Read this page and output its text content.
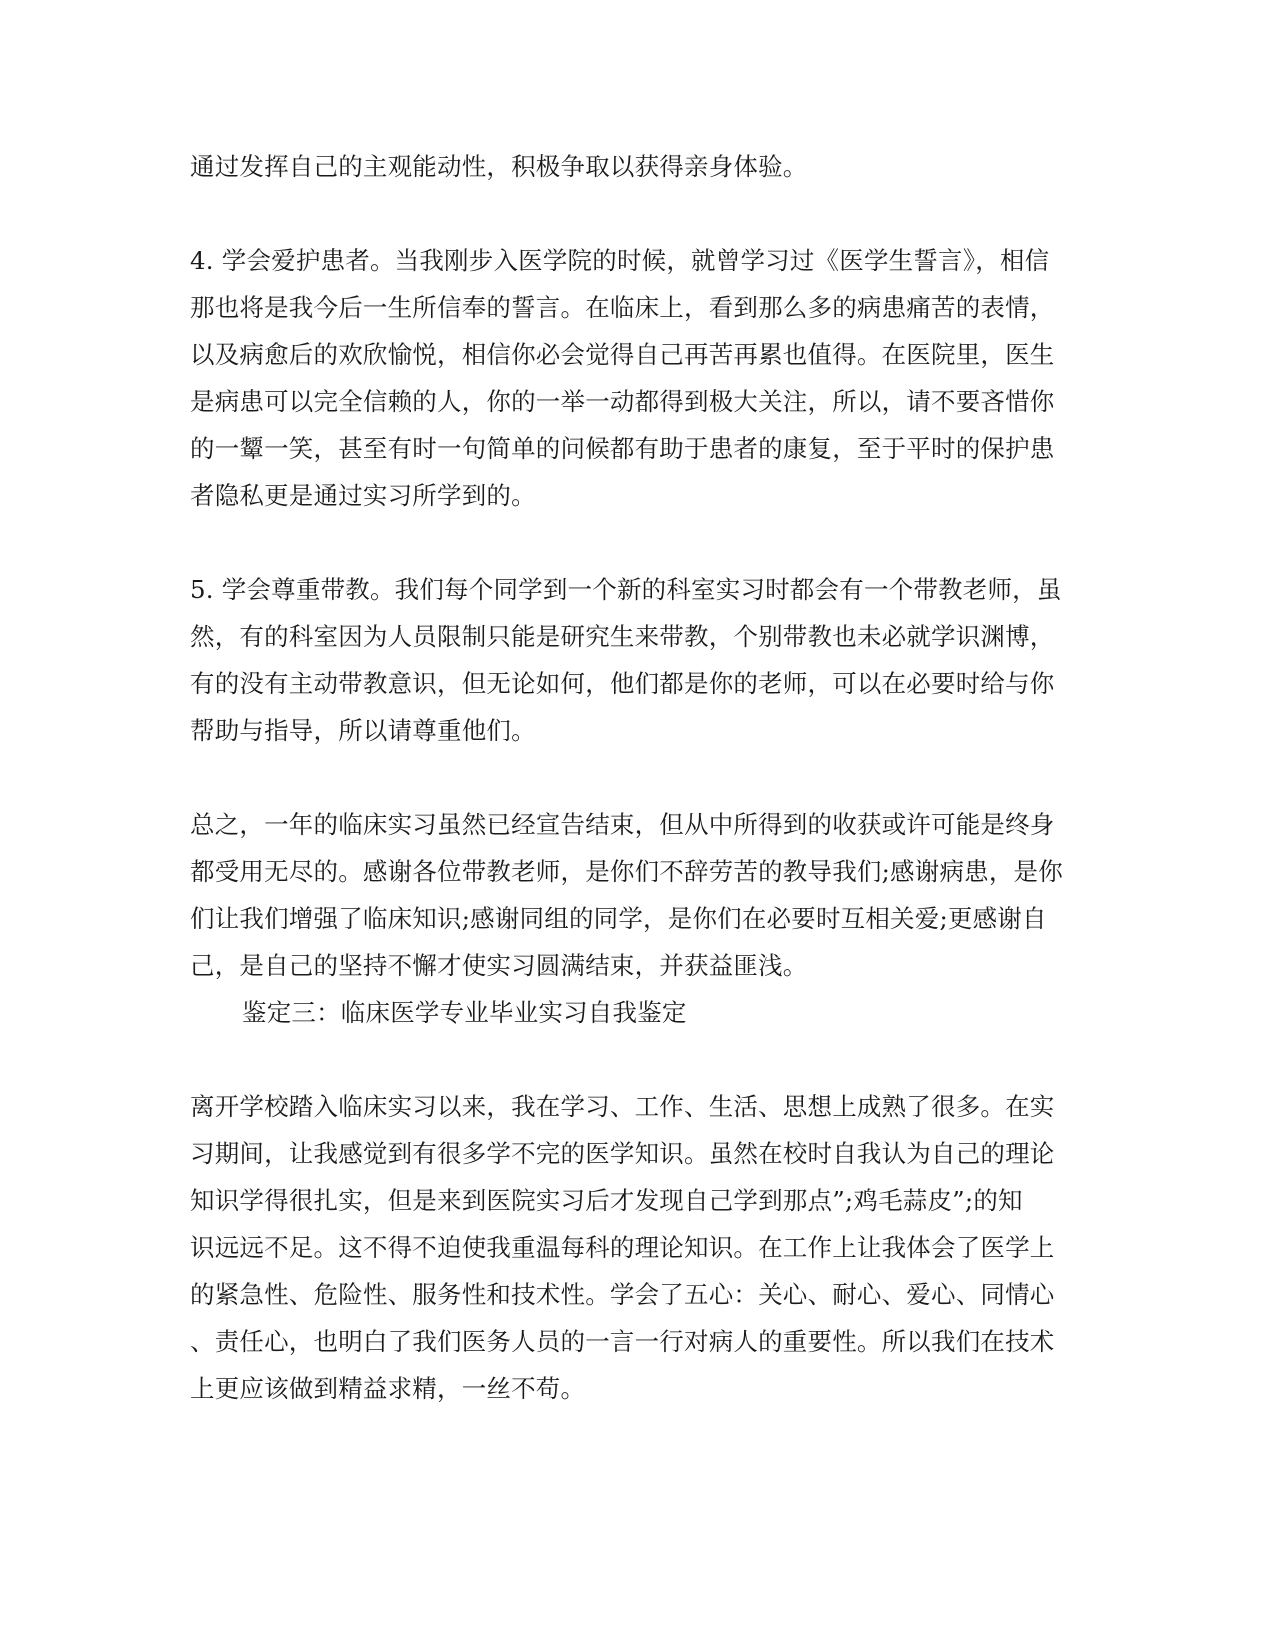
通过发挥自己的主观能动性，积极争取以获得亲身体验。
4. 学会爱护患者。当我刚步入医学院的时候，就曾学习过《医学生誓言》，相信
那也将是我今后一生所信奉的誓言。在临床上，看到那么多的病患痛苦的表情，
以及病愈后的欢欣愉悦，相信你必会觉得自己再苦再累也值得。在医院里，医生
是病患可以完全信赖的人，你的一举一动都得到极大关注，所以，请不要吝惜你
的一颦一笑，甚至有时一句简单的问候都有助于患者的康复，至于平时的保护患
者隐私更是通过实习所学到的。
5. 学会尊重带教。我们每个同学到一个新的科室实习时都会有一个带教老师，虽
然，有的科室因为人员限制只能是研究生来带教，个别带教也未必就学识渊博，
有的没有主动带教意识，但无论如何，他们都是你的老师，可以在必要时给与你
帮助与指导，所以请尊重他们。
总之，一年的临床实习虽然已经宣告结束，但从中所得到的收获或许可能是终身
都受用无尽的。感谢各位带教老师，是你们不辞劳苦的教导我们;感谢病患，是你
们让我们增强了临床知识;感谢同组的同学，是你们在必要时互相关爱;更感谢自
己，是自己的坚持不懈才使实习圆满结束，并获益匪浅。
鉴定三：临床医学专业毕业实习自我鉴定
离开学校踏入临床实习以来，我在学习、工作、生活、思想上成熟了很多。在实
习期间，让我感觉到有很多学不完的医学知识。虽然在校时自我认为自己的理论
知识学得很扎实，但是来到医院实习后才发现自己学到那点”;鸡毛蒜皮”;的知
识远远不足。这不得不迫使我重温每科的理论知识。在工作上让我体会了医学上
的紧急性、危险性、服务性和技术性。学会了五心：关心、耐心、爱心、同情心
、责任心，也明白了我们医务人员的一言一行对病人的重要性。所以我们在技术
上更应该做到精益求精，一丝不苟。
